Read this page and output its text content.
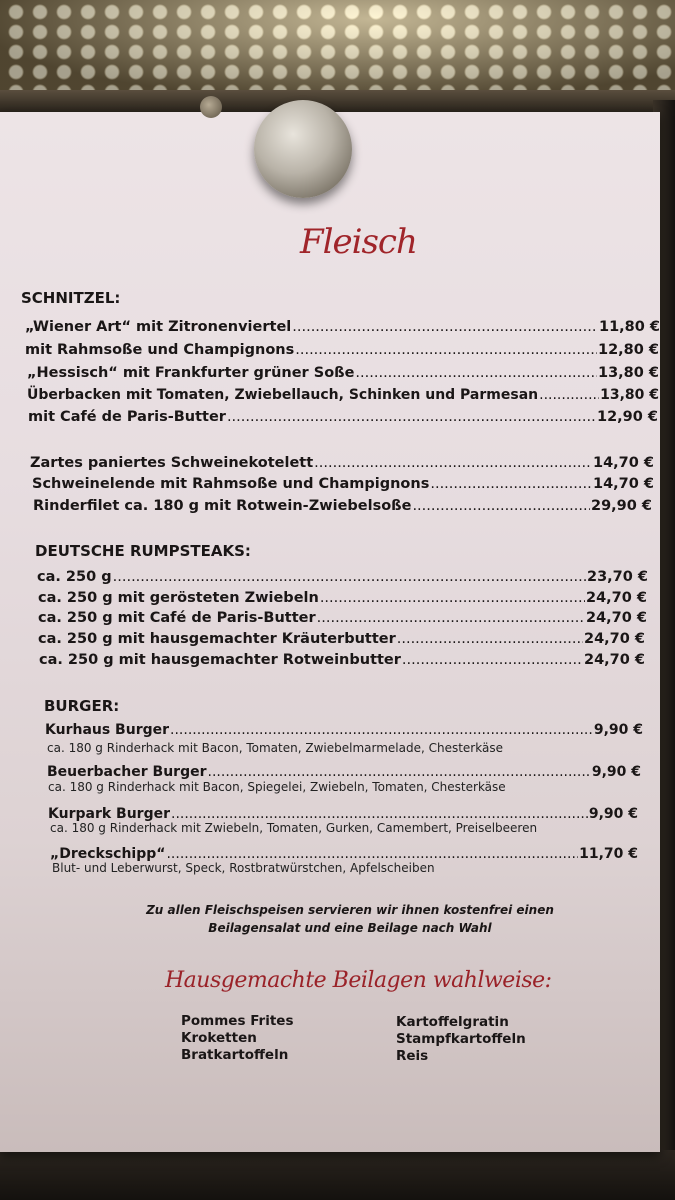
Fleisch
SCHNITZEL:
„Wiener Art“ mit Zitronenviertel .....	11,80 €
mit Rahmsoße und Champignons .....	12,80 €
„Hessisch“ mit Frankfurter grüner Soße .....	13,80 €
Überbacken mit Tomaten, Zwiebellauch, Schinken und Parmesan .....	13,80 €
mit Café de Paris-Butter .....	12,90 €
Zartes paniertes Schweinekotelett .....	14,70 €
Schweinelende mit Rahmsoße und Champignons .....	14,70 €
Rinderfilet ca. 180 g mit Rotwein-Zwiebelsoße .....	29,90 €
DEUTSCHE RUMPSTEAKS:
ca. 250 g .....	23,70 €
ca. 250 g mit gerösteten Zwiebeln .....	24,70 €
ca. 250 g mit Café de Paris-Butter .....	24,70 €
ca. 250 g mit hausgemachter Kräuterbutter .....	24,70 €
ca. 250 g mit hausgemachter Rotweinbutter .....	24,70 €
BURGER:
Kurhaus Burger .....	9,90 €
ca. 180 g Rinderhack mit Bacon, Tomaten, Zwiebelmarmelade, Chesterkäse
Beuerbacher Burger .....	9,90 €
ca. 180 g Rinderhack mit Bacon, Spiegelei, Zwiebeln, Tomaten, Chesterkäse
Kurpark Burger .....	9,90 €
ca. 180 g Rinderhack mit Zwiebeln, Tomaten, Gurken, Camembert, Preiselbeeren
„Dreckschipp“ .....	11,70 €
Blut- und Leberwurst, Speck, Rostbratwürstchen, Apfelscheiben
Zu allen Fleischspeisen servieren wir ihnen kostenfrei einen
Beilagensalat und eine Beilage nach Wahl
Hausgemachte Beilagen wahlweise:
Pommes Frites
Kroketten
Bratkartoffeln
Kartoffelgratin
Stampfkartoffeln
Reis
